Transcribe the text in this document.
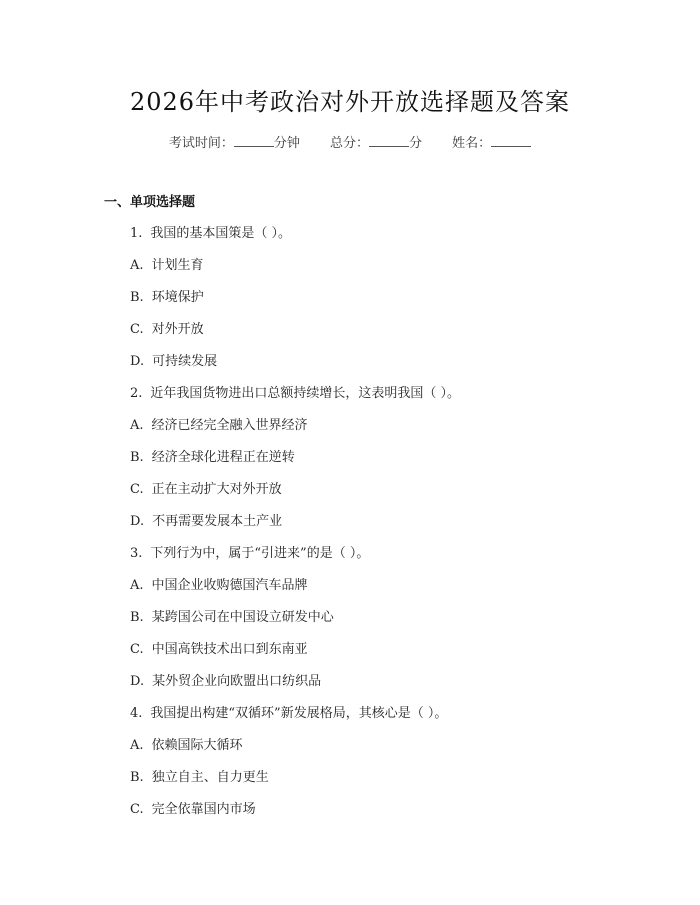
2026年中考政治对外开放选择题及答案
考试时间：	分钟 总分：	分 姓名：
一、单项选择题
1. 我国的基本国策是（ ）。
A. 计划生育
B. 环境保护
C. 对外开放
D. 可持续发展
2. 近年我国货物进出口总额持续增长，这表明我国（ ）。
A. 经济已经完全融入世界经济
B. 经济全球化进程正在逆转
C. 正在主动扩大对外开放
D. 不再需要发展本土产业
3. 下列行为中，属于“引进来”的是（ ）。
A. 中国企业收购德国汽车品牌
B. 某跨国公司在中国设立研发中心
C. 中国高铁技术出口到东南亚
D. 某外贸企业向欧盟出口纺织品
4. 我国提出构建“双循环”新发展格局，其核心是（ ）。
A. 依赖国际大循环
B. 独立自主、自力更生
C. 完全依靠国内市场
